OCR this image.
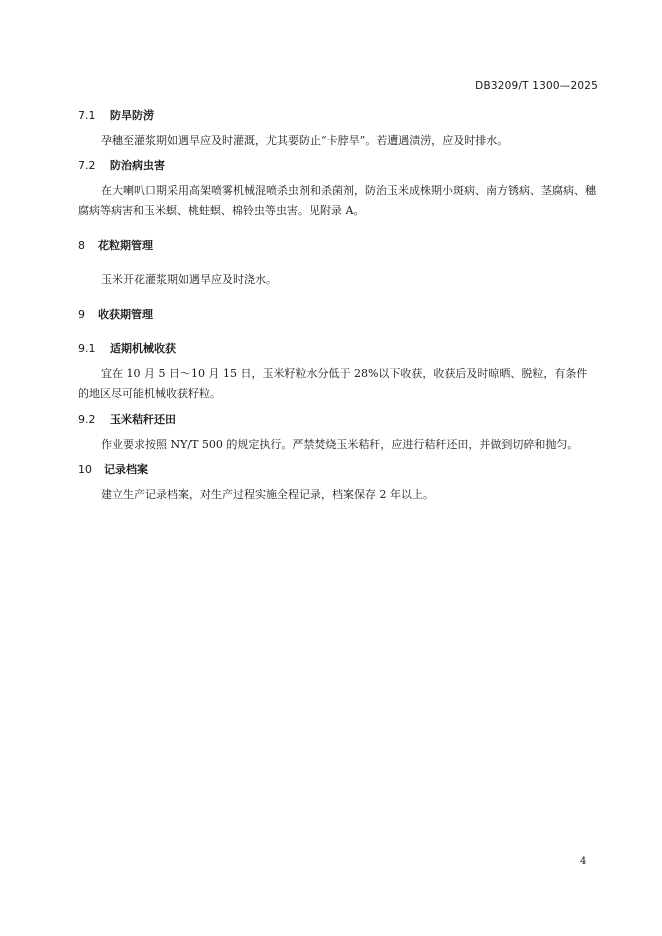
DB3209/T 1300—2025
7.1 防旱防涝
孕穗至灌浆期如遇旱应及时灌溉，尤其要防止“卡脖旱”。若遭遇渍涝，应及时排水。
7.2 防治病虫害
在大喇叭口期采用高架喷雾机械混喷杀虫剂和杀菌剂，防治玉米成株期小斑病、南方锈病、茎腐病、穗腐病等病害和玉米螟、桃蛀螟、棉铃虫等虫害。见附录 A。
8 花粒期管理
玉米开花灌浆期如遇旱应及时浇水。
9 收获期管理
9.1 适期机械收获
宜在 10 月 5 日～10 月 15 日，玉米籽粒水分低于 28%以下收获，收获后及时晾晒、脱粒，有条件的地区尽可能机械收获籽粒。
9.2 玉米秸秆还田
作业要求按照 NY/T 500 的规定执行。严禁焚烧玉米秸秆，应进行秸秆还田，并做到切碎和抛匀。
10 记录档案
建立生产记录档案，对生产过程实施全程记录，档案保存 2 年以上。
4
